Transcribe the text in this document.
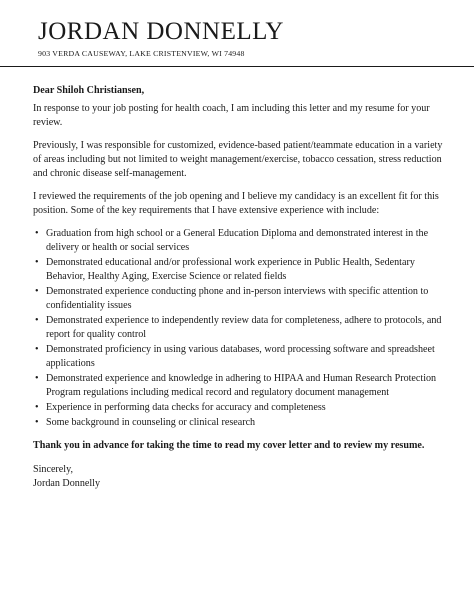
JORDAN DONNELLY
903 VERDA CAUSEWAY, LAKE CRISTENVIEW, WI 74948
Dear Shiloh Christiansen,

In response to your job posting for health coach, I am including this letter and my resume for your review.

Previously, I was responsible for customized, evidence-based patient/teammate education in a variety of areas including but not limited to weight management/exercise, tobacco cessation, stress reduction and chronic disease self-management.

I reviewed the requirements of the job opening and I believe my candidacy is an excellent fit for this position. Some of the key requirements that I have extensive experience with include:

• Graduation from high school or a General Education Diploma and demonstrated interest in the delivery or health or social services
• Demonstrated educational and/or professional work experience in Public Health, Sedentary Behavior, Healthy Aging, Exercise Science or related fields
• Demonstrated experience conducting phone and in-person interviews with specific attention to confidentiality issues
• Demonstrated experience to independently review data for completeness, adhere to protocols, and report for quality control
• Demonstrated proficiency in using various databases, word processing software and spreadsheet applications
• Demonstrated experience and knowledge in adhering to HIPAA and Human Research Protection Program regulations including medical record and regulatory document management
• Experience in performing data checks for accuracy and completeness
• Some background in counseling or clinical research
Thank you in advance for taking the time to read my cover letter and to review my resume.
Sincerely,
Jordan Donnelly
